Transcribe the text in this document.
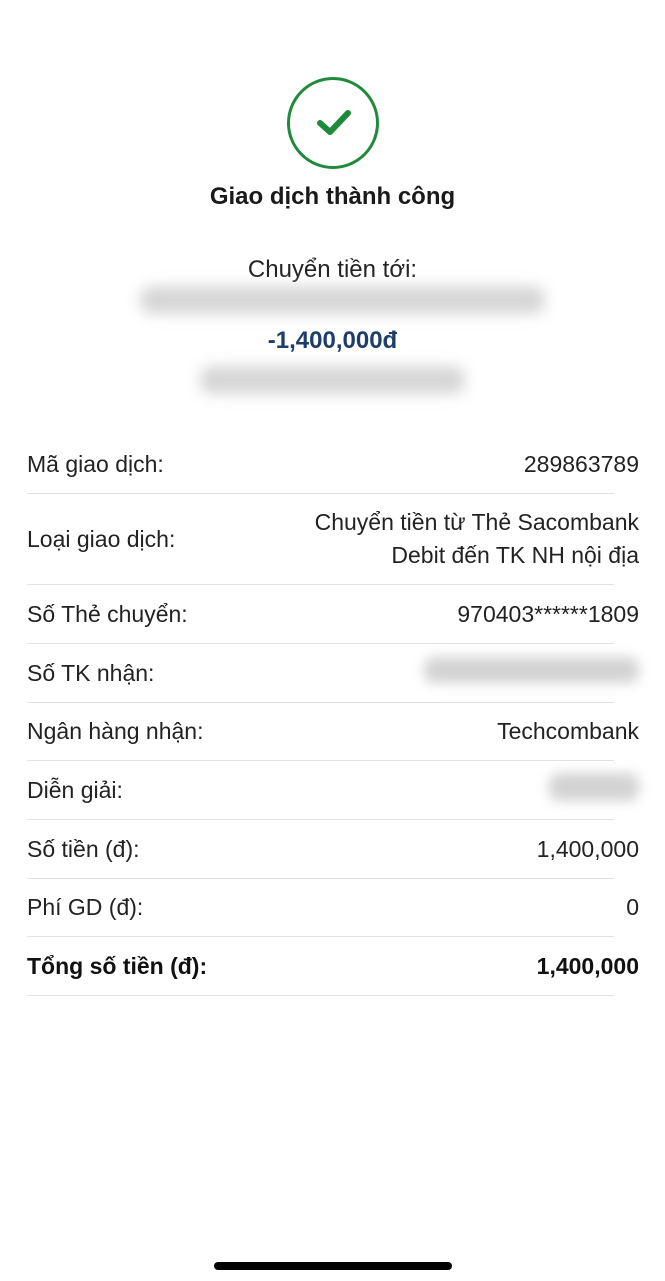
Giao dịch thành công
Chuyển tiền tới:
-1,400,000đ
Mã giao dịch:	289863789
Loại giao dịch:
Chuyển tiền từ Thẻ Sacombank
Debit đến TK NH nội địa
Số Thẻ chuyển:	970403******1809
Số TK nhận:
Ngân hàng nhận:	Techcombank
Diễn giải:
Số tiền (đ):	1,400,000
Phí GD (đ):	0
Tổng số tiền (đ):	1,400,000
